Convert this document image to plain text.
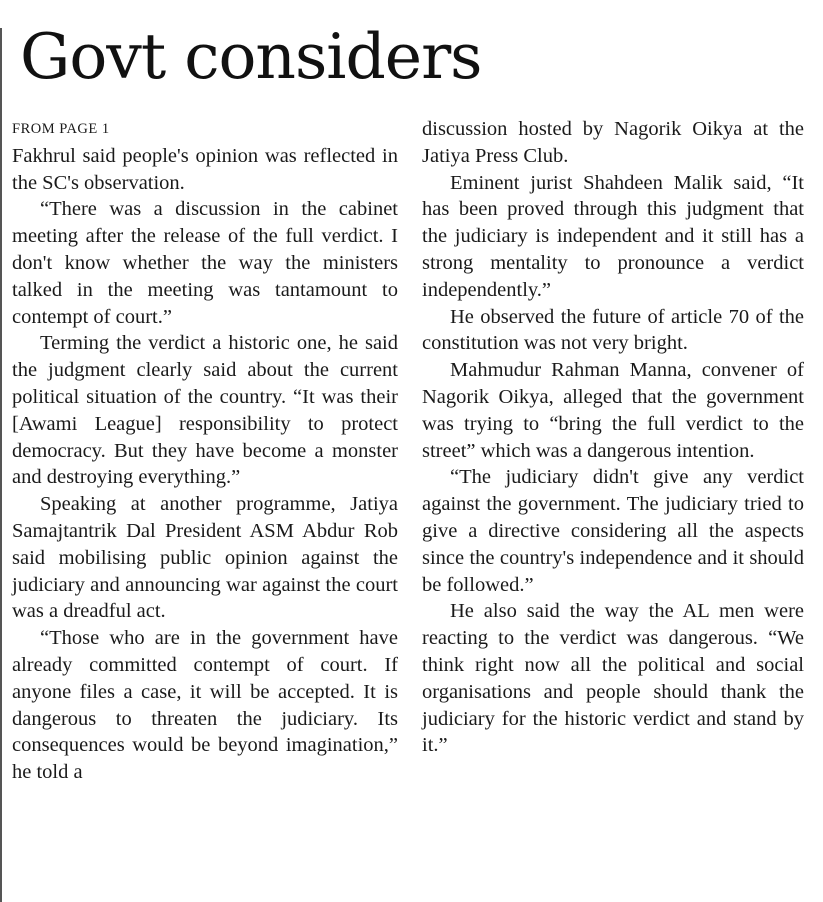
Govt considers
FROM PAGE 1

Fakhrul said people's opinion was reflected in the SC's observation.

“There was a discussion in the cabinet meeting after the release of the full verdict. I don't know whether the way the ministers talked in the meeting was tantamount to contempt of court.”

Terming the verdict a historic one, he said the judgment clearly said about the current political situation of the country. “It was their [Awami League] responsibility to protect democracy. But they have become a monster and destroying everything.”

Speaking at another programme, Jatiya Samajtantrik Dal President ASM Abdur Rob said mobilising public opinion against the judiciary and announcing war against the court was a dreadful act.

“Those who are in the government have already committed contempt of court. If anyone files a case, it will be accepted. It is dangerous to threaten the judiciary. Its consequences would be beyond imagination,” he told a

discussion hosted by Nagorik Oikya at the Jatiya Press Club.

Eminent jurist Shahdeen Malik said, “It has been proved through this judgment that the judiciary is independent and it still has a strong mentality to pronounce a verdict independently.”

He observed the future of article 70 of the constitution was not very bright.

Mahmudur Rahman Manna, convener of Nagorik Oikya, alleged that the government was trying to “bring the full verdict to the street” which was a dangerous intention.

“The judiciary didn't give any verdict against the government. The judiciary tried to give a directive considering all the aspects since the country's independence and it should be followed.”

He also said the way the AL men were reacting to the verdict was dangerous. “We think right now all the political and social organisations and people should thank the judiciary for the historic verdict and stand by it.”
